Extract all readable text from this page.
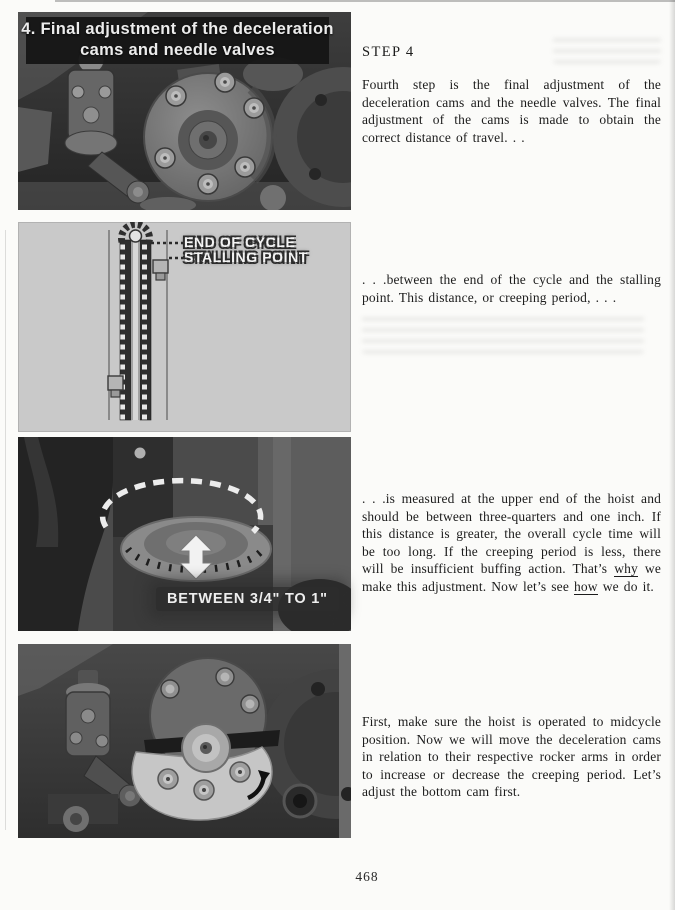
4. Final adjustment of the deceleration
cams and needle valves
END OF CYCLE
STALLING POINT
BETWEEN 3/4" TO 1"
STEP 4

Fourth step is the final adjustment of the deceleration cams and the needle valves. The final adjustment of the cams is made to obtain the correct distance of travel. . .

. . .between the end of the cycle and the stalling point. This distance, or creeping period, . . .

. . .is measured at the upper end of the hoist and should be between three-quarters and one inch. If this distance is greater, the overall cycle time will be too long. If the creeping period is less, there will be insufficient buffing action. That’s why we make this adjustment. Now let’s see how we do it.

First, make sure the hoist is operated to midcycle position. Now we will move the deceleration cams in relation to their respective rocker arms in order to increase or decrease the creeping period. Let’s adjust the bottom cam first.

468
